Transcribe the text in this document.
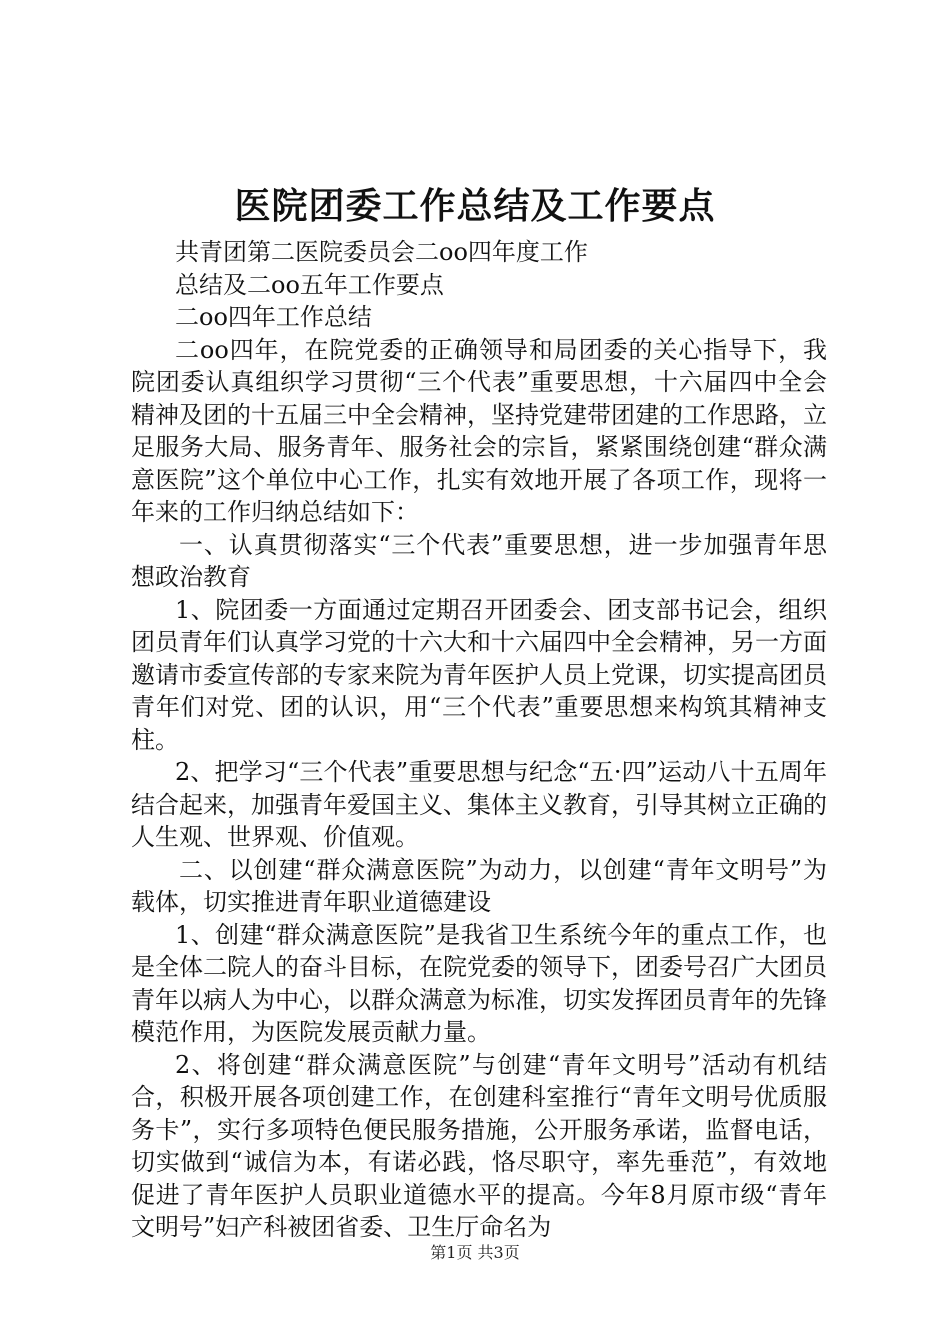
医院团委工作总结及工作要点

共青团第二医院委员会二oo四年度工作

总结及二oo五年工作要点

二oo四年工作总结

二oo四年，在院党委的正确领导和局团委的关心指导下，我院团委认真组织学习贯彻“三个代表”重要思想，十六届四中全会精神及团的十五届三中全会精神，坚持党建带团建的工作思路，立足服务大局、服务青年、服务社会的宗旨，紧紧围绕创建“群众满意医院”这个单位中心工作，扎实有效地开展了各项工作，现将一年来的工作归纳总结如下：

一、认真贯彻落实“三个代表”重要思想，进一步加强青年思想政治教育

1、院团委一方面通过定期召开团委会、团支部书记会，组织团员青年们认真学习党的十六大和十六届四中全会精神，另一方面邀请市委宣传部的专家来院为青年医护人员上党课，切实提高团员青年们对党、团的认识，用“三个代表”重要思想来构筑其精神支柱。

2、把学习“三个代表”重要思想与纪念“五·四”运动八十五周年结合起来，加强青年爱国主义、集体主义教育，引导其树立正确的人生观、世界观、价值观。

二、以创建“群众满意医院”为动力，以创建“青年文明号”为载体，切实推进青年职业道德建设

1、创建“群众满意医院”是我省卫生系统今年的重点工作，也是全体二院人的奋斗目标，在院党委的领导下，团委号召广大团员青年以病人为中心，以群众满意为标准，切实发挥团员青年的先锋模范作用，为医院发展贡献力量。

2、将创建“群众满意医院”与创建“青年文明号”活动有机结合，积极开展各项创建工作，在创建科室推行“青年文明号优质服务卡”，实行多项特色便民服务措施，公开服务承诺，监督电话，切实做到“诚信为本，有诺必践，恪尽职守，率先垂范”，有效地促进了青年医护人员职业道德水平的提高。今年8月原市级“青年文明号”妇产科被团省委、卫生厅命名为

第1页 共3页
